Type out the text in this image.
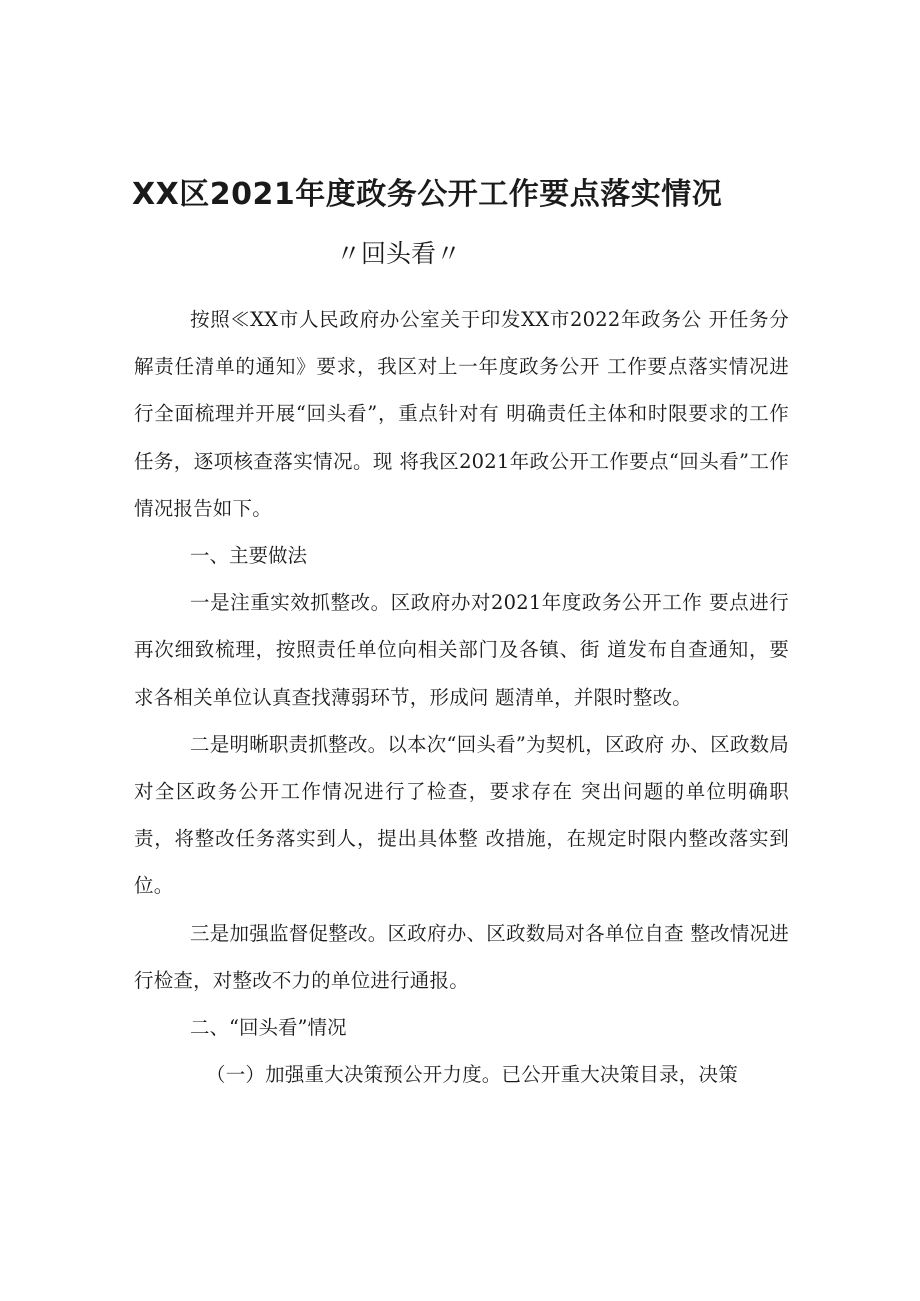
XX区2021年度政务公开工作要点落实情况
〃回头看〃

按照≪XX市人民政府办公室关于印发XX市2022年政务公 开任务分解责任清单的通知》要求，我区对上一年度政务公开 工作要点落实情况进行全面梳理并开展“回头看”，重点针对有 明确责任主体和时限要求的工作任务，逐项核查落实情况。现 将我区2021年政公开工作要点“回头看”工作情况报告如下。

一、主要做法

一是注重实效抓整改。区政府办对2021年度政务公开工作 要点进行再次细致梳理，按照责任单位向相关部门及各镇、街 道发布自查通知，要求各相关单位认真查找薄弱环节，形成问 题清单，并限时整改。

二是明晰职责抓整改。以本次“回头看”为契机，区政府 办、区政数局对全区政务公开工作情况进行了检查，要求存在 突出问题的单位明确职责，将整改任务落实到人，提出具体整 改措施，在规定时限内整改落实到位。

三是加强监督促整改。区政府办、区政数局对各单位自查 整改情况进行检查，对整改不力的单位进行通报。

二、“回头看”情况

（一）加强重大决策预公开力度。已公开重大决策目录，决策
